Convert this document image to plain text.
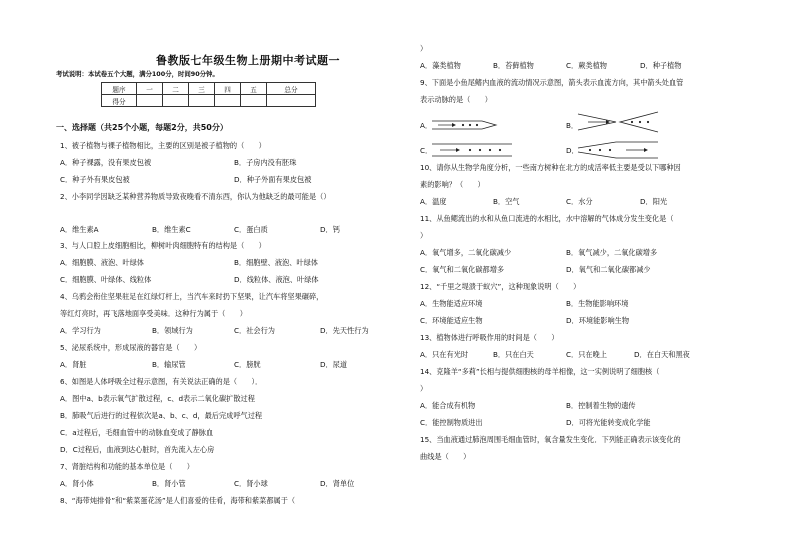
鲁教版七年级生物上册期中考试题一
考试说明：本试卷五个大题，满分100分，时间90分钟。
题序	一	二	三	四	五	总分
得分						
一、选择题（共25个小题，每题2分，共50分）
1、被子植物与裸子植物相比，主要的区别是被子植物的（　　）
A．种子裸露，没有果皮包被	B．子房内没有胚珠
C．种子外有果皮包被	D．种子外面有果皮包被
2、小李同学因缺乏某种营养物质导致夜晚看不清东西，你认为他缺乏的最可能是（）
A．维生素A	B．维生素C	C．蛋白质	D．钙
3、与人口腔上皮细胞相比，柳树叶肉细胞特有的结构是（　　）
A．细胞膜、液泡、叶绿体	B．细胞壁、液泡、叶绿体
C．细胞膜、叶绿体、线粒体	D．线粒体、液泡、叶绿体
4、乌鸦会衔住坚果驻足在红绿灯杆上，当汽车来时扔下坚果，让汽车将坚果碾碎，
等红灯亮时，再飞落地面享受美味．这种行为属于（　　）
A．学习行为	B．领域行为	C．社会行为	D．先天性行为
5、泌尿系统中，形成尿液的器官是（　　）
A．肾脏	B．输尿管	C．膀胱	D．尿道
6、如图是人体呼吸全过程示意图，有关说法正确的是（　　）．
A．图中a、b表示氧气扩散过程，c、d表示二氧化碳扩散过程
B．肺吸气后进行的过程依次是a、b、c、d，最后完成呼气过程
C．a过程后，毛细血管中的动脉血变成了静脉血
D．C过程后，血液到达心脏时，首先流入左心房
7、肾脏结构和功能的基本单位是（　　）
A．肾小体	B．肾小管	C．肾小球	D．肾单位
8、“海带炖排骨”和“紫菜蛋花汤”是人们喜爱的佳肴，海带和紫菜都属于（
）
A．藻类植物	B．苔藓植物	C．蕨类植物	D．种子植物
9、下面是小鱼尾鳍内血液的流动情况示意图，箭头表示血流方向，其中箭头处血管
表示动脉的是（　　）
A．	B．
C．	D．
10、请你从生物学角度分析，一些南方树种在北方的成活率低主要是受以下哪种因
素的影响？（　　）
A．温度	B．空气	C．水分	D．阳光
11、从鱼鳃流出的水和从鱼口流进的水相比，水中溶解的气体成分发生变化是（
）
A．氧气增多，二氧化碳减少	B．氧气减少，二氧化碳增多
C．氧气和二氧化碳都增多	D．氧气和二氧化碳都减少
12、“千里之堤溃于蚁穴”，这种现象说明（　　）
A．生物能适应环境	B．生物能影响环境
C．环境能适应生物	D．环境能影响生物
13、植物体进行呼吸作用的时间是（　　）
A．只在有光时	B．只在白天	C．只在晚上	D．在白天和黑夜
14、克隆羊“多莉”长相与提供细胞核的母羊相像，这一实例说明了细胞核（
）
A．能合成有机物	B．控制着生物的遗传
C．能控制物质进出	D．可将光能转变成化学能
15、当血液通过肺泡周围毛细血管时，氧含量发生变化．下列能正确表示该变化的
曲线是（　　）
